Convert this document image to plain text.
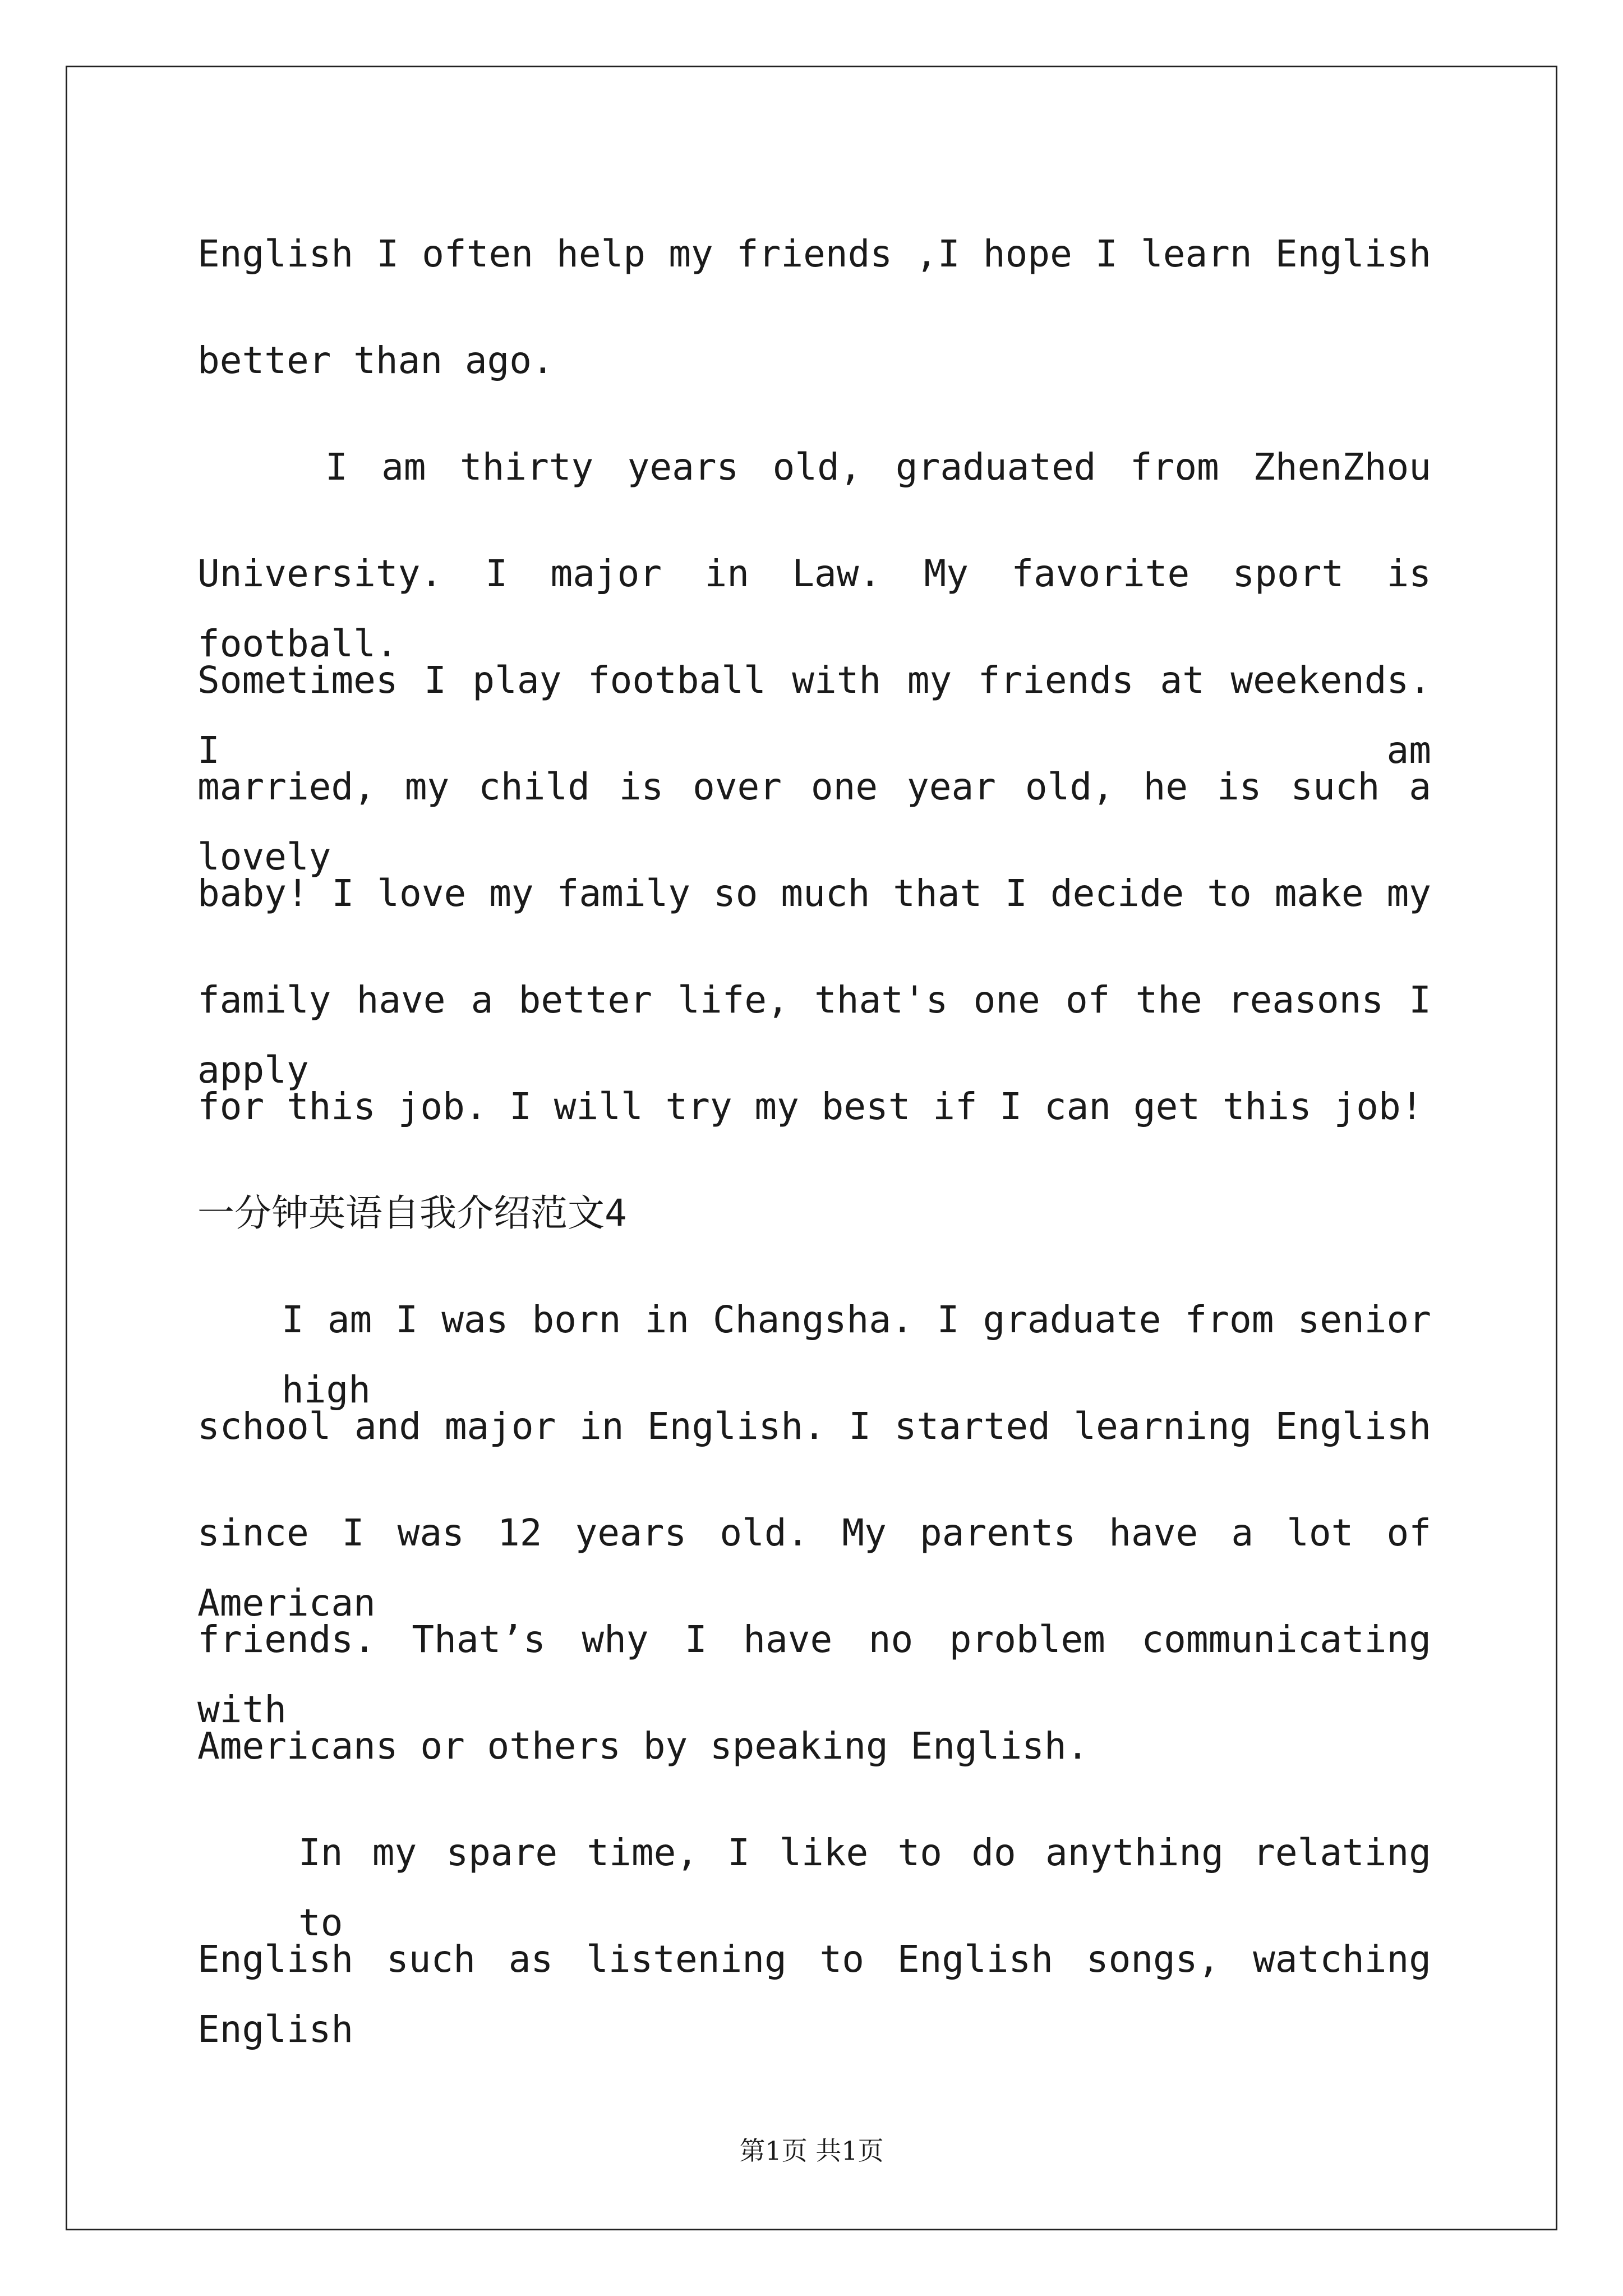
English I often help my friends ,I hope I learn English
better than ago.
I am thirty years old, graduated from ZhenZhou
University. I major in Law. My favorite sport is football.
Sometimes I play football with my friends at weekends. I am
married, my child is over one year old, he is such a lovely
baby! I love my family so much that I decide to make my
family have a better life, that's one of the reasons I apply
for this job. I will try my best if I can get this job!
一分钟英语自我介绍范文4
I am I was born in Changsha. I graduate from senior high
school and major in English. I started learning English
since I was 12 years old. My parents have a lot of American
friends. That’s why I have no problem communicating with
Americans or others by speaking English.
In my spare time, I like to do anything relating to
English such as listening to English songs, watching English
第1页 共1页
